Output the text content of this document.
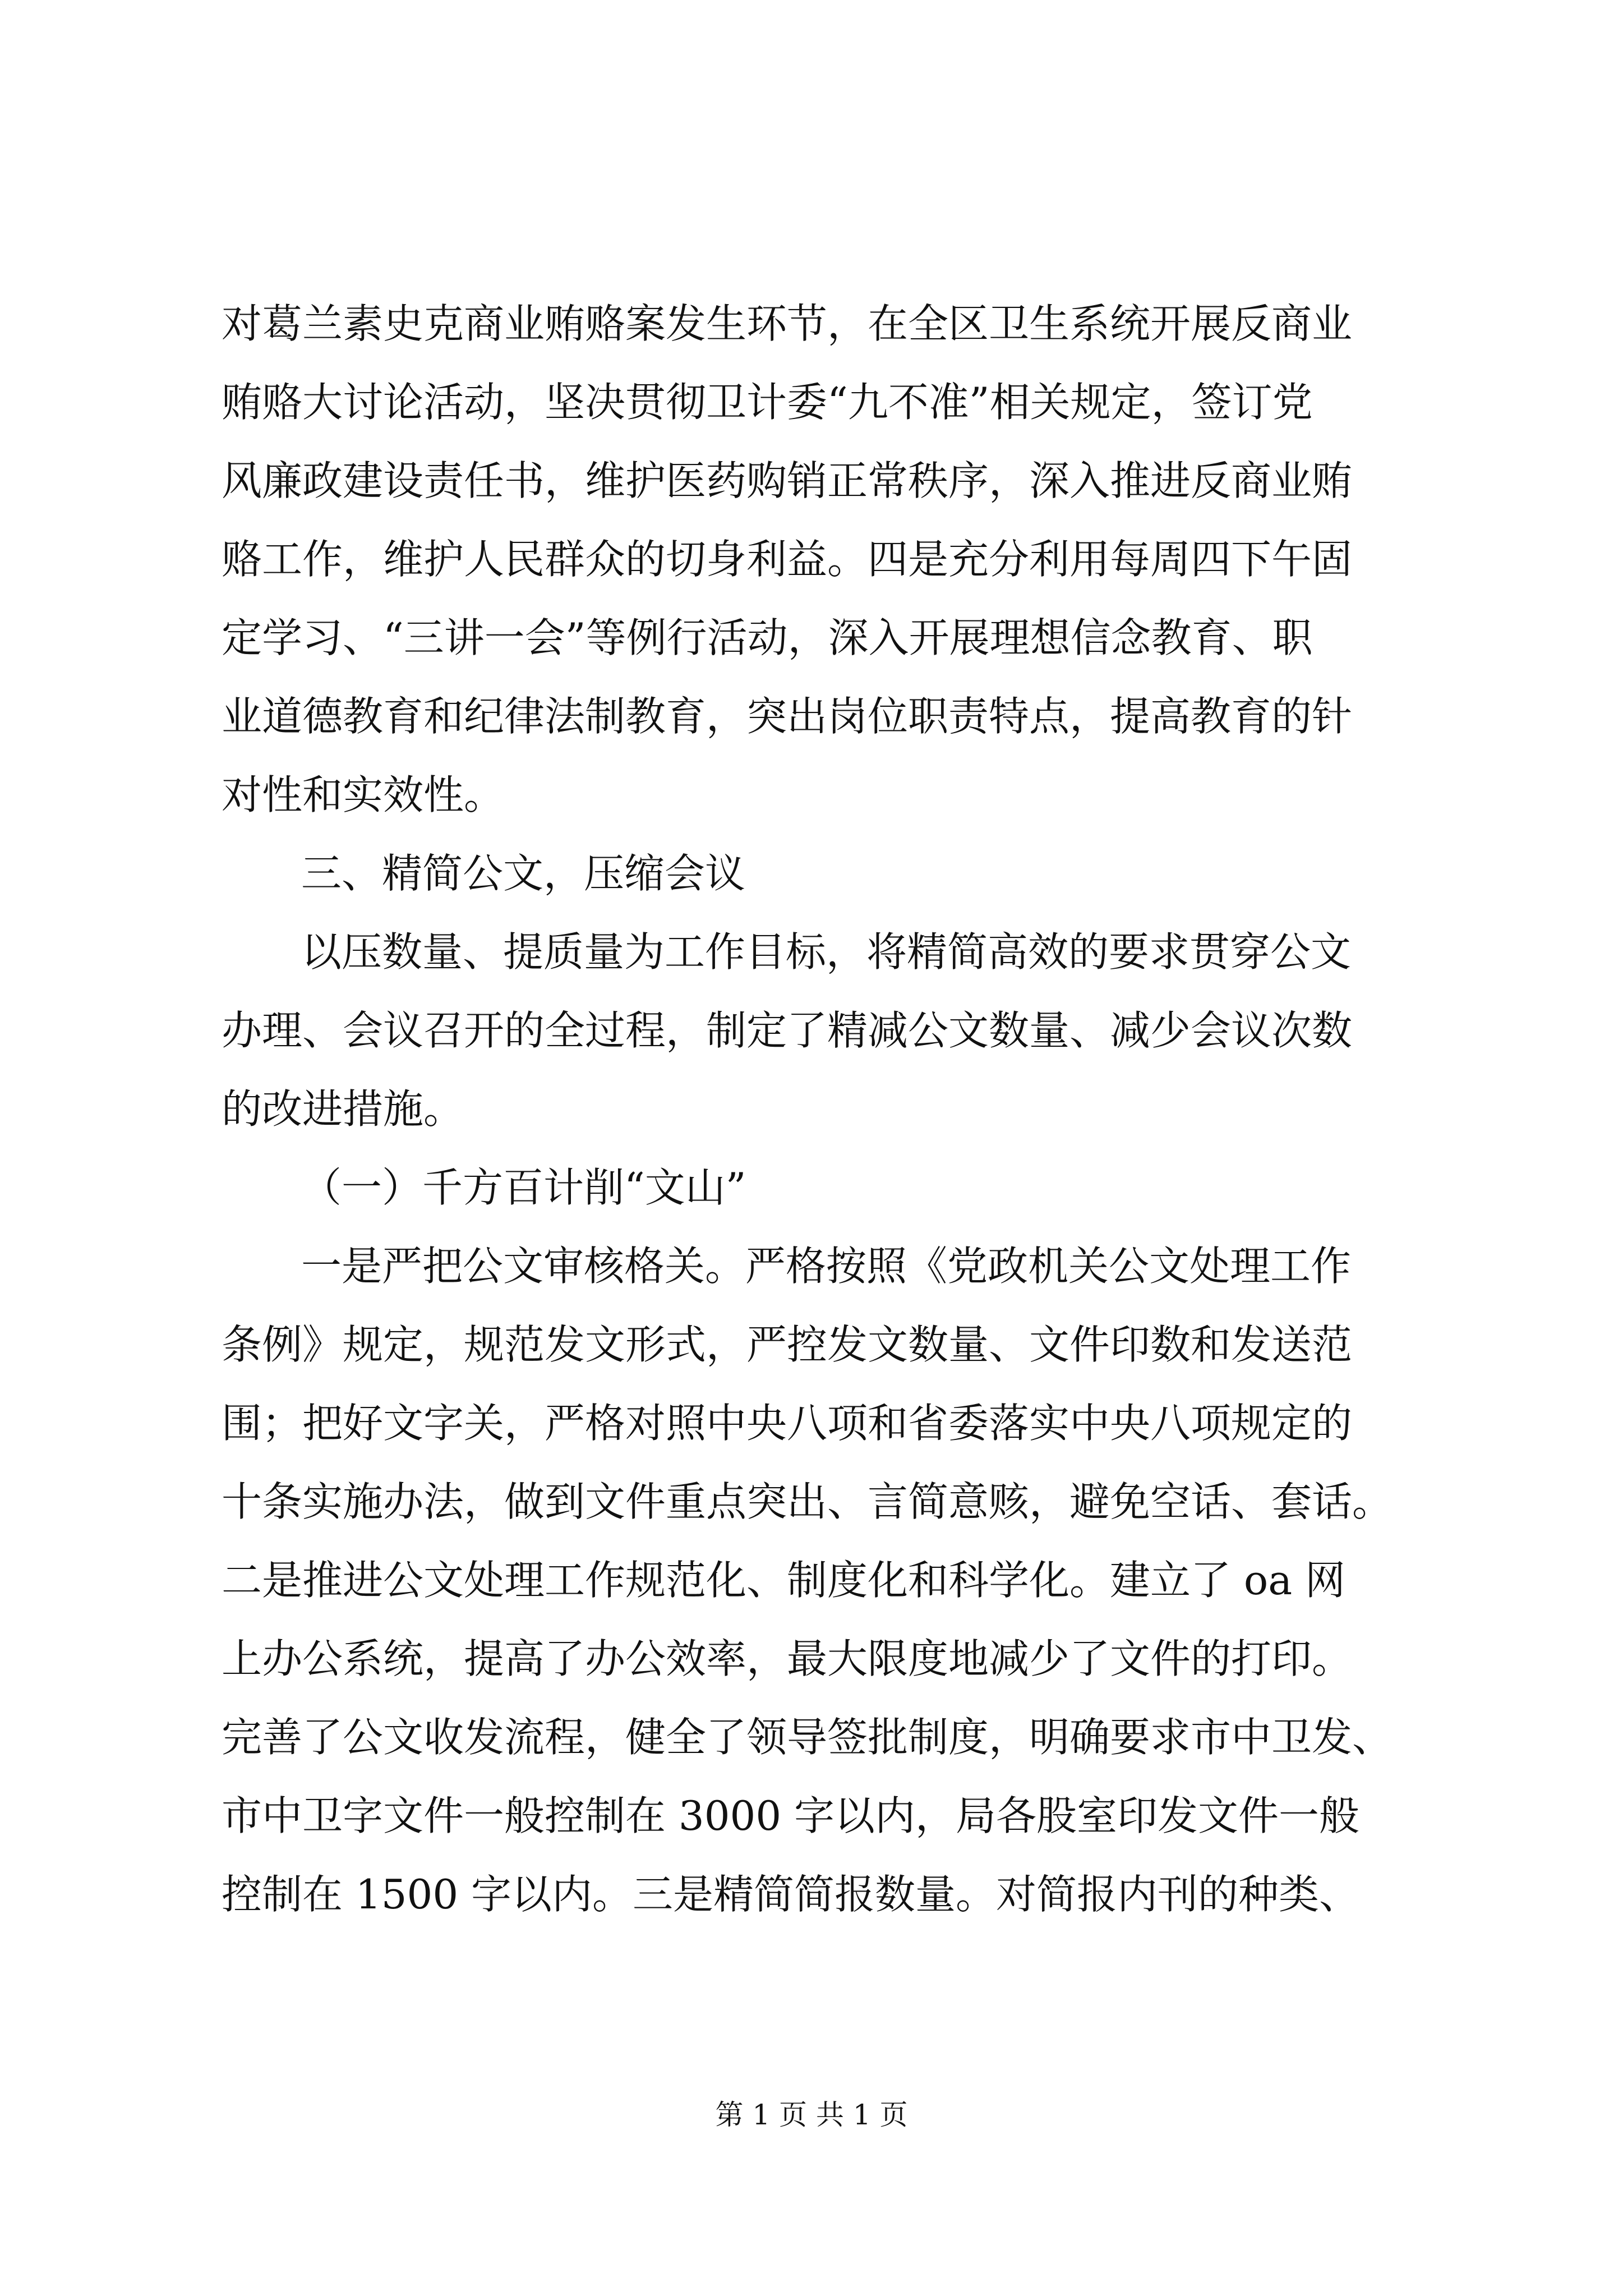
对葛兰素史克商业贿赂案发生环节，在全区卫生系统开展反商业
贿赂大讨论活动，坚决贯彻卫计委“九不准”相关规定，签订党
风廉政建设责任书，维护医药购销正常秩序，深入推进反商业贿
赂工作，维护人民群众的切身利益。四是充分利用每周四下午固
定学习、“三讲一会”等例行活动，深入开展理想信念教育、职
业道德教育和纪律法制教育，突出岗位职责特点，提高教育的针
对性和实效性。
三、精简公文，压缩会议
以压数量、提质量为工作目标，将精简高效的要求贯穿公文
办理、会议召开的全过程，制定了精减公文数量、减少会议次数
的改进措施。
（一）千方百计削“文山”
一是严把公文审核格关。严格按照《党政机关公文处理工作
条例》规定，规范发文形式，严控发文数量、文件印数和发送范
围；把好文字关，严格对照中央八项和省委落实中央八项规定的
十条实施办法，做到文件重点突出、言简意赅，避免空话、套话。
二是推进公文处理工作规范化、制度化和科学化。建立了 oa 网
上办公系统，提高了办公效率，最大限度地减少了文件的打印。
完善了公文收发流程，健全了领导签批制度，明确要求市中卫发、
市中卫字文件一般控制在 3000 字以内，局各股室印发文件一般
控制在 1500 字以内。三是精简简报数量。对简报内刊的种类、
第 1 页 共 1 页
